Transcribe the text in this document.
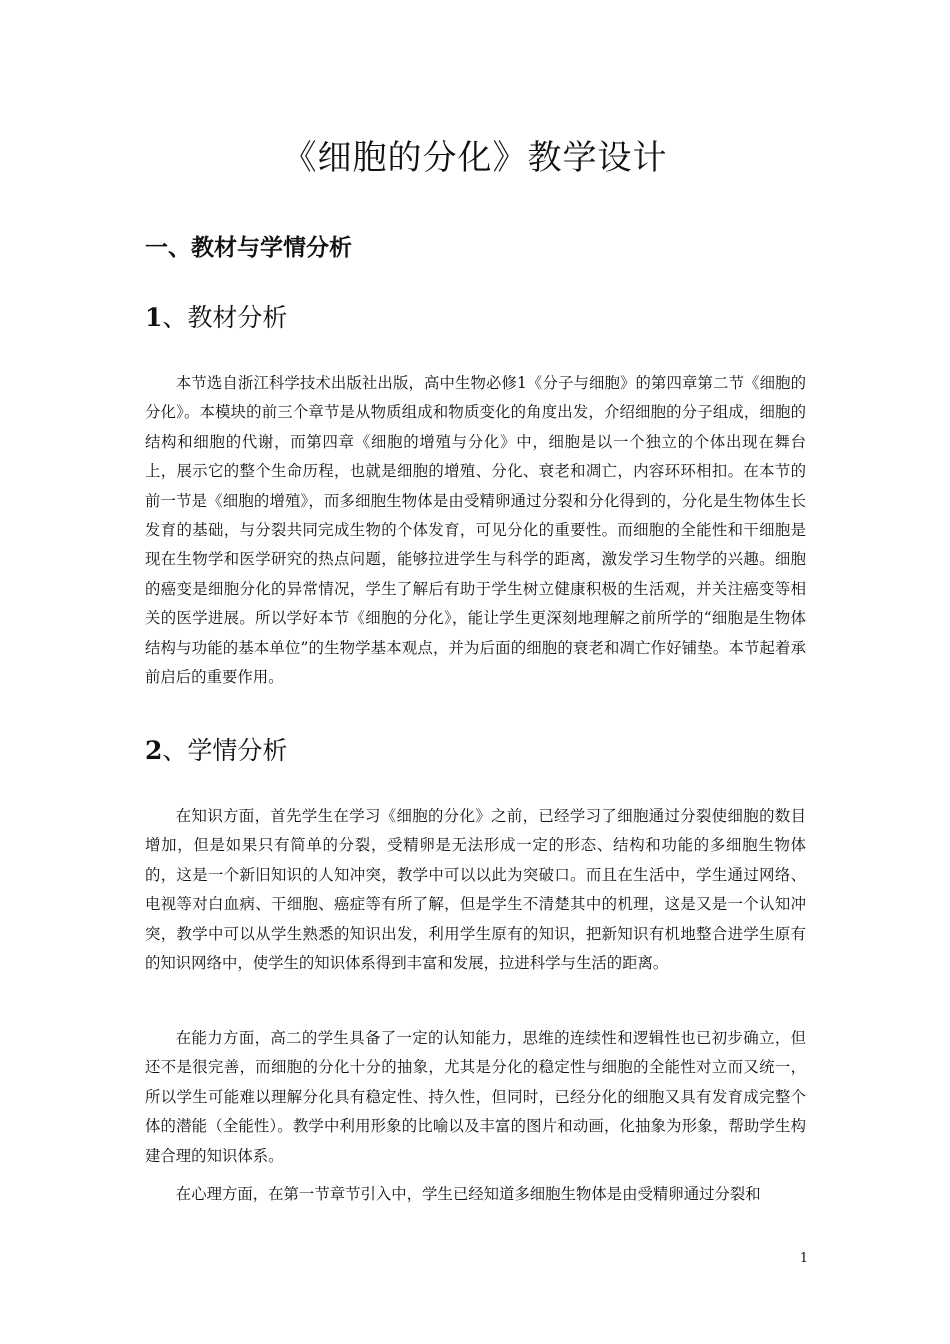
《细胞的分化》教学设计
一、教材与学情分析
1、教材分析

本节选自浙江科学技术出版社出版，高中生物必修1《分子与细胞》的第四章第二节《细胞的分化》。本模块的前三个章节是从物质组成和物质变化的角度出发，介绍细胞的分子组成，细胞的结构和细胞的代谢，而第四章《细胞的增殖与分化》中，细胞是以一个独立的个体出现在舞台上，展示它的整个生命历程，也就是细胞的增殖、分化、衰老和凋亡，内容环环相扣。在本节的前一节是《细胞的增殖》，而多细胞生物体是由受精卵通过分裂和分化得到的，分化是生物体生长发育的基础，与分裂共同完成生物的个体发育，可见分化的重要性。而细胞的全能性和干细胞是现在生物学和医学研究的热点问题，能够拉进学生与科学的距离，激发学习生物学的兴趣。细胞的癌变是细胞分化的异常情况，学生了解后有助于学生树立健康积极的生活观，并关注癌变等相关的医学进展。所以学好本节《细胞的分化》，能让学生更深刻地理解之前所学的“细胞是生物体结构与功能的基本单位”的生物学基本观点，并为后面的细胞的衰老和凋亡作好铺垫。本节起着承前启后的重要作用。

2、学情分析

在知识方面，首先学生在学习《细胞的分化》之前，已经学习了细胞通过分裂使细胞的数目增加，但是如果只有简单的分裂，受精卵是无法形成一定的形态、结构和功能的多细胞生物体的，这是一个新旧知识的人知冲突，教学中可以以此为突破口。而且在生活中，学生通过网络、电视等对白血病、干细胞、癌症等有所了解，但是学生不清楚其中的机理，这是又是一个认知冲突，教学中可以从学生熟悉的知识出发，利用学生原有的知识，把新知识有机地整合进学生原有的知识网络中，使学生的知识体系得到丰富和发展，拉进科学与生活的距离。

在能力方面，高二的学生具备了一定的认知能力，思维的连续性和逻辑性也已初步确立，但还不是很完善，而细胞的分化十分的抽象，尤其是分化的稳定性与细胞的全能性对立而又统一，所以学生可能难以理解分化具有稳定性、持久性，但同时，已经分化的细胞又具有发育成完整个体的潜能（全能性）。教学中利用形象的比喻以及丰富的图片和动画，化抽象为形象，帮助学生构建合理的知识体系。

在心理方面，在第一节章节引入中，学生已经知道多细胞生物体是由受精卵通过分裂和

1
